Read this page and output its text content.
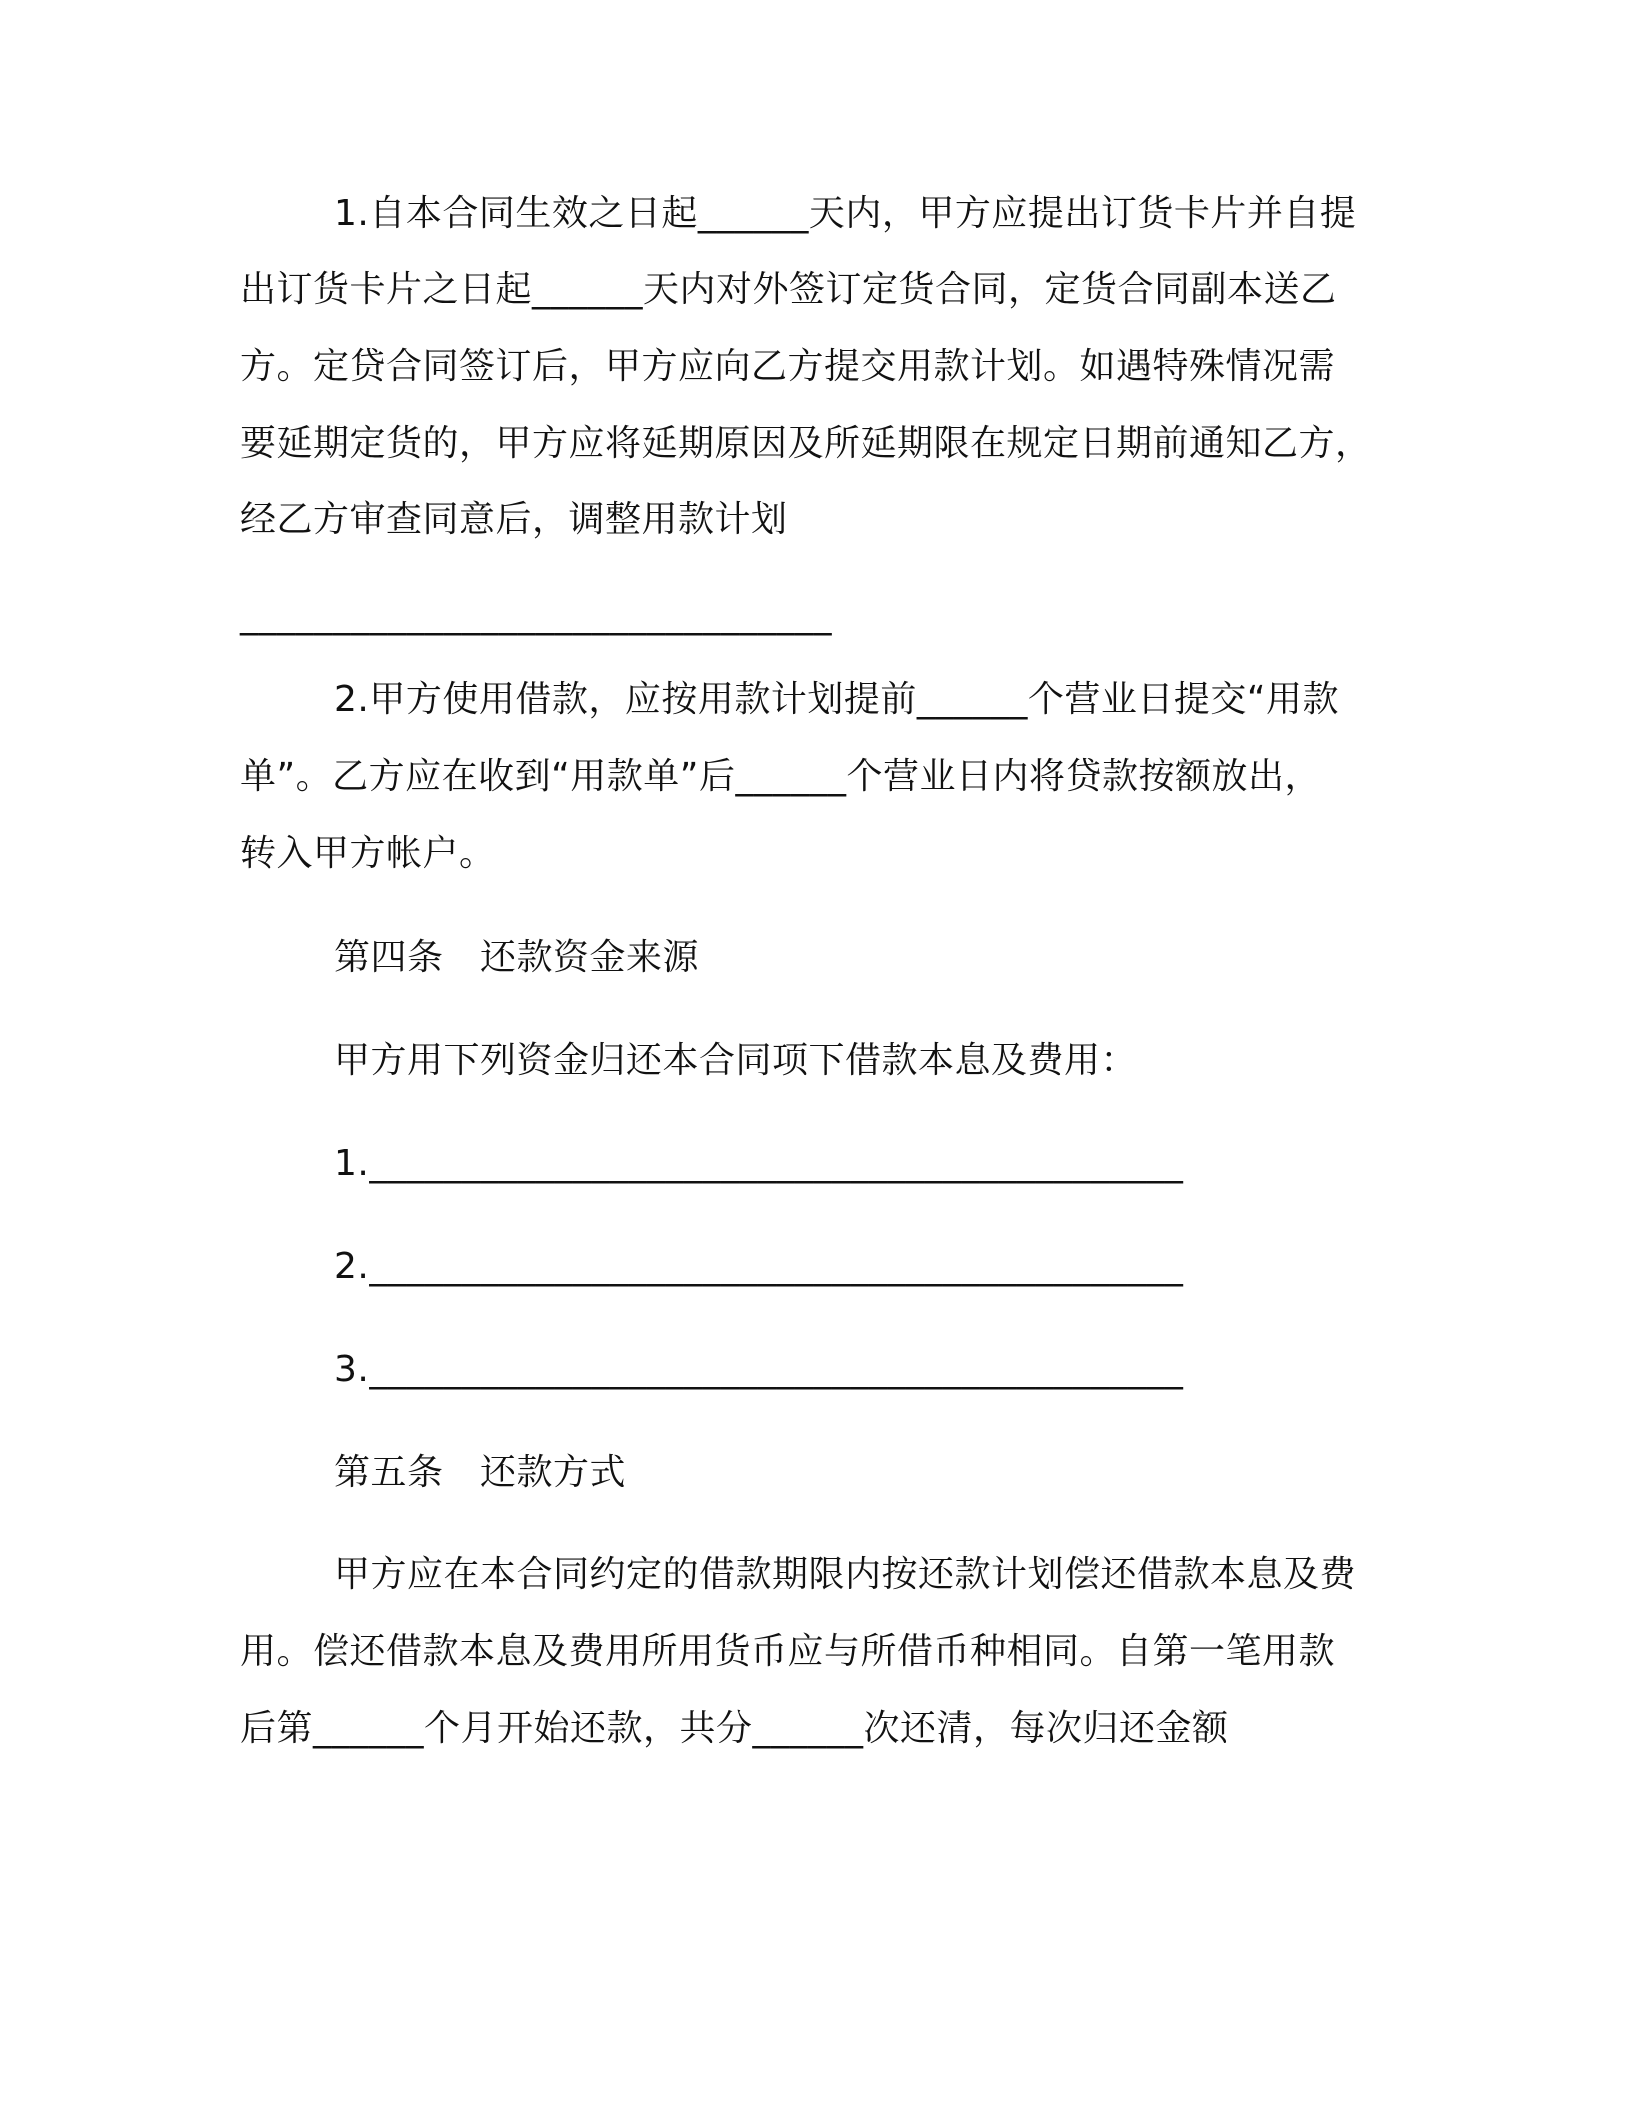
1.自本合同生效之日起______天内，甲方应提出订货卡片并自提
出订货卡片之日起______天内对外签订定货合同，定货合同副本送乙
方。定贷合同签订后，甲方应向乙方提交用款计划。如遇特殊情况需
要延期定货的，甲方应将延期原因及所延期限在规定日期前通知乙方，
经乙方审查同意后，调整用款计划
________________________________
2.甲方使用借款，应按用款计划提前______个营业日提交“用款
单”。乙方应在收到“用款单”后______个营业日内将贷款按额放出，
转入甲方帐户。
第四条　还款资金来源
甲方用下列资金归还本合同项下借款本息及费用：
1.____________________________________________
2.____________________________________________
3.____________________________________________
第五条　还款方式
甲方应在本合同约定的借款期限内按还款计划偿还借款本息及费
用。偿还借款本息及费用所用货币应与所借币种相同。自第一笔用款
后第______个月开始还款，共分______次还清，每次归还金额
